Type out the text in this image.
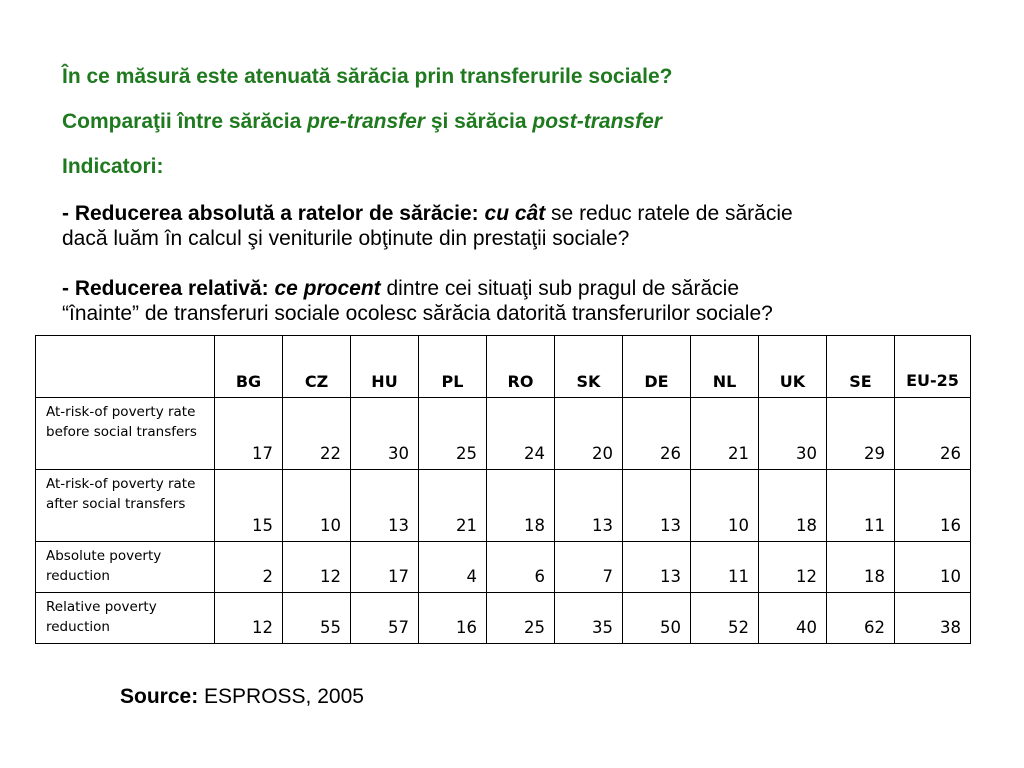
În ce măsură este atenuată sărăcia prin transferurile sociale?
Comparaţii între sărăcia pre-transfer şi sărăcia post-transfer
Indicatori:
- Reducerea absolută a ratelor de sărăcie: cu cât se reduc ratele de sărăcie
dacă luăm în calcul şi veniturile obţinute din prestaţii sociale?
- Reducerea relativă: ce procent dintre cei situaţi sub pragul de sărăcie
“înainte” de transferuri sociale ocolesc sărăcia datorită transferurilor sociale?
	BG	CZ	HU	PL	RO	SK	DE	NL	UK	SE	EU-25
At-risk-of poverty rate before social transfers	17	22	30	25	24	20	26	21	30	29	26
At-risk-of poverty rate after social transfers	15	10	13	21	18	13	13	10	18	11	16
Absolute poverty reduction	2	12	17	4	6	7	13	11	12	18	10
Relative poverty reduction	12	55	57	16	25	35	50	52	40	62	38
Source: ESPROSS, 2005
